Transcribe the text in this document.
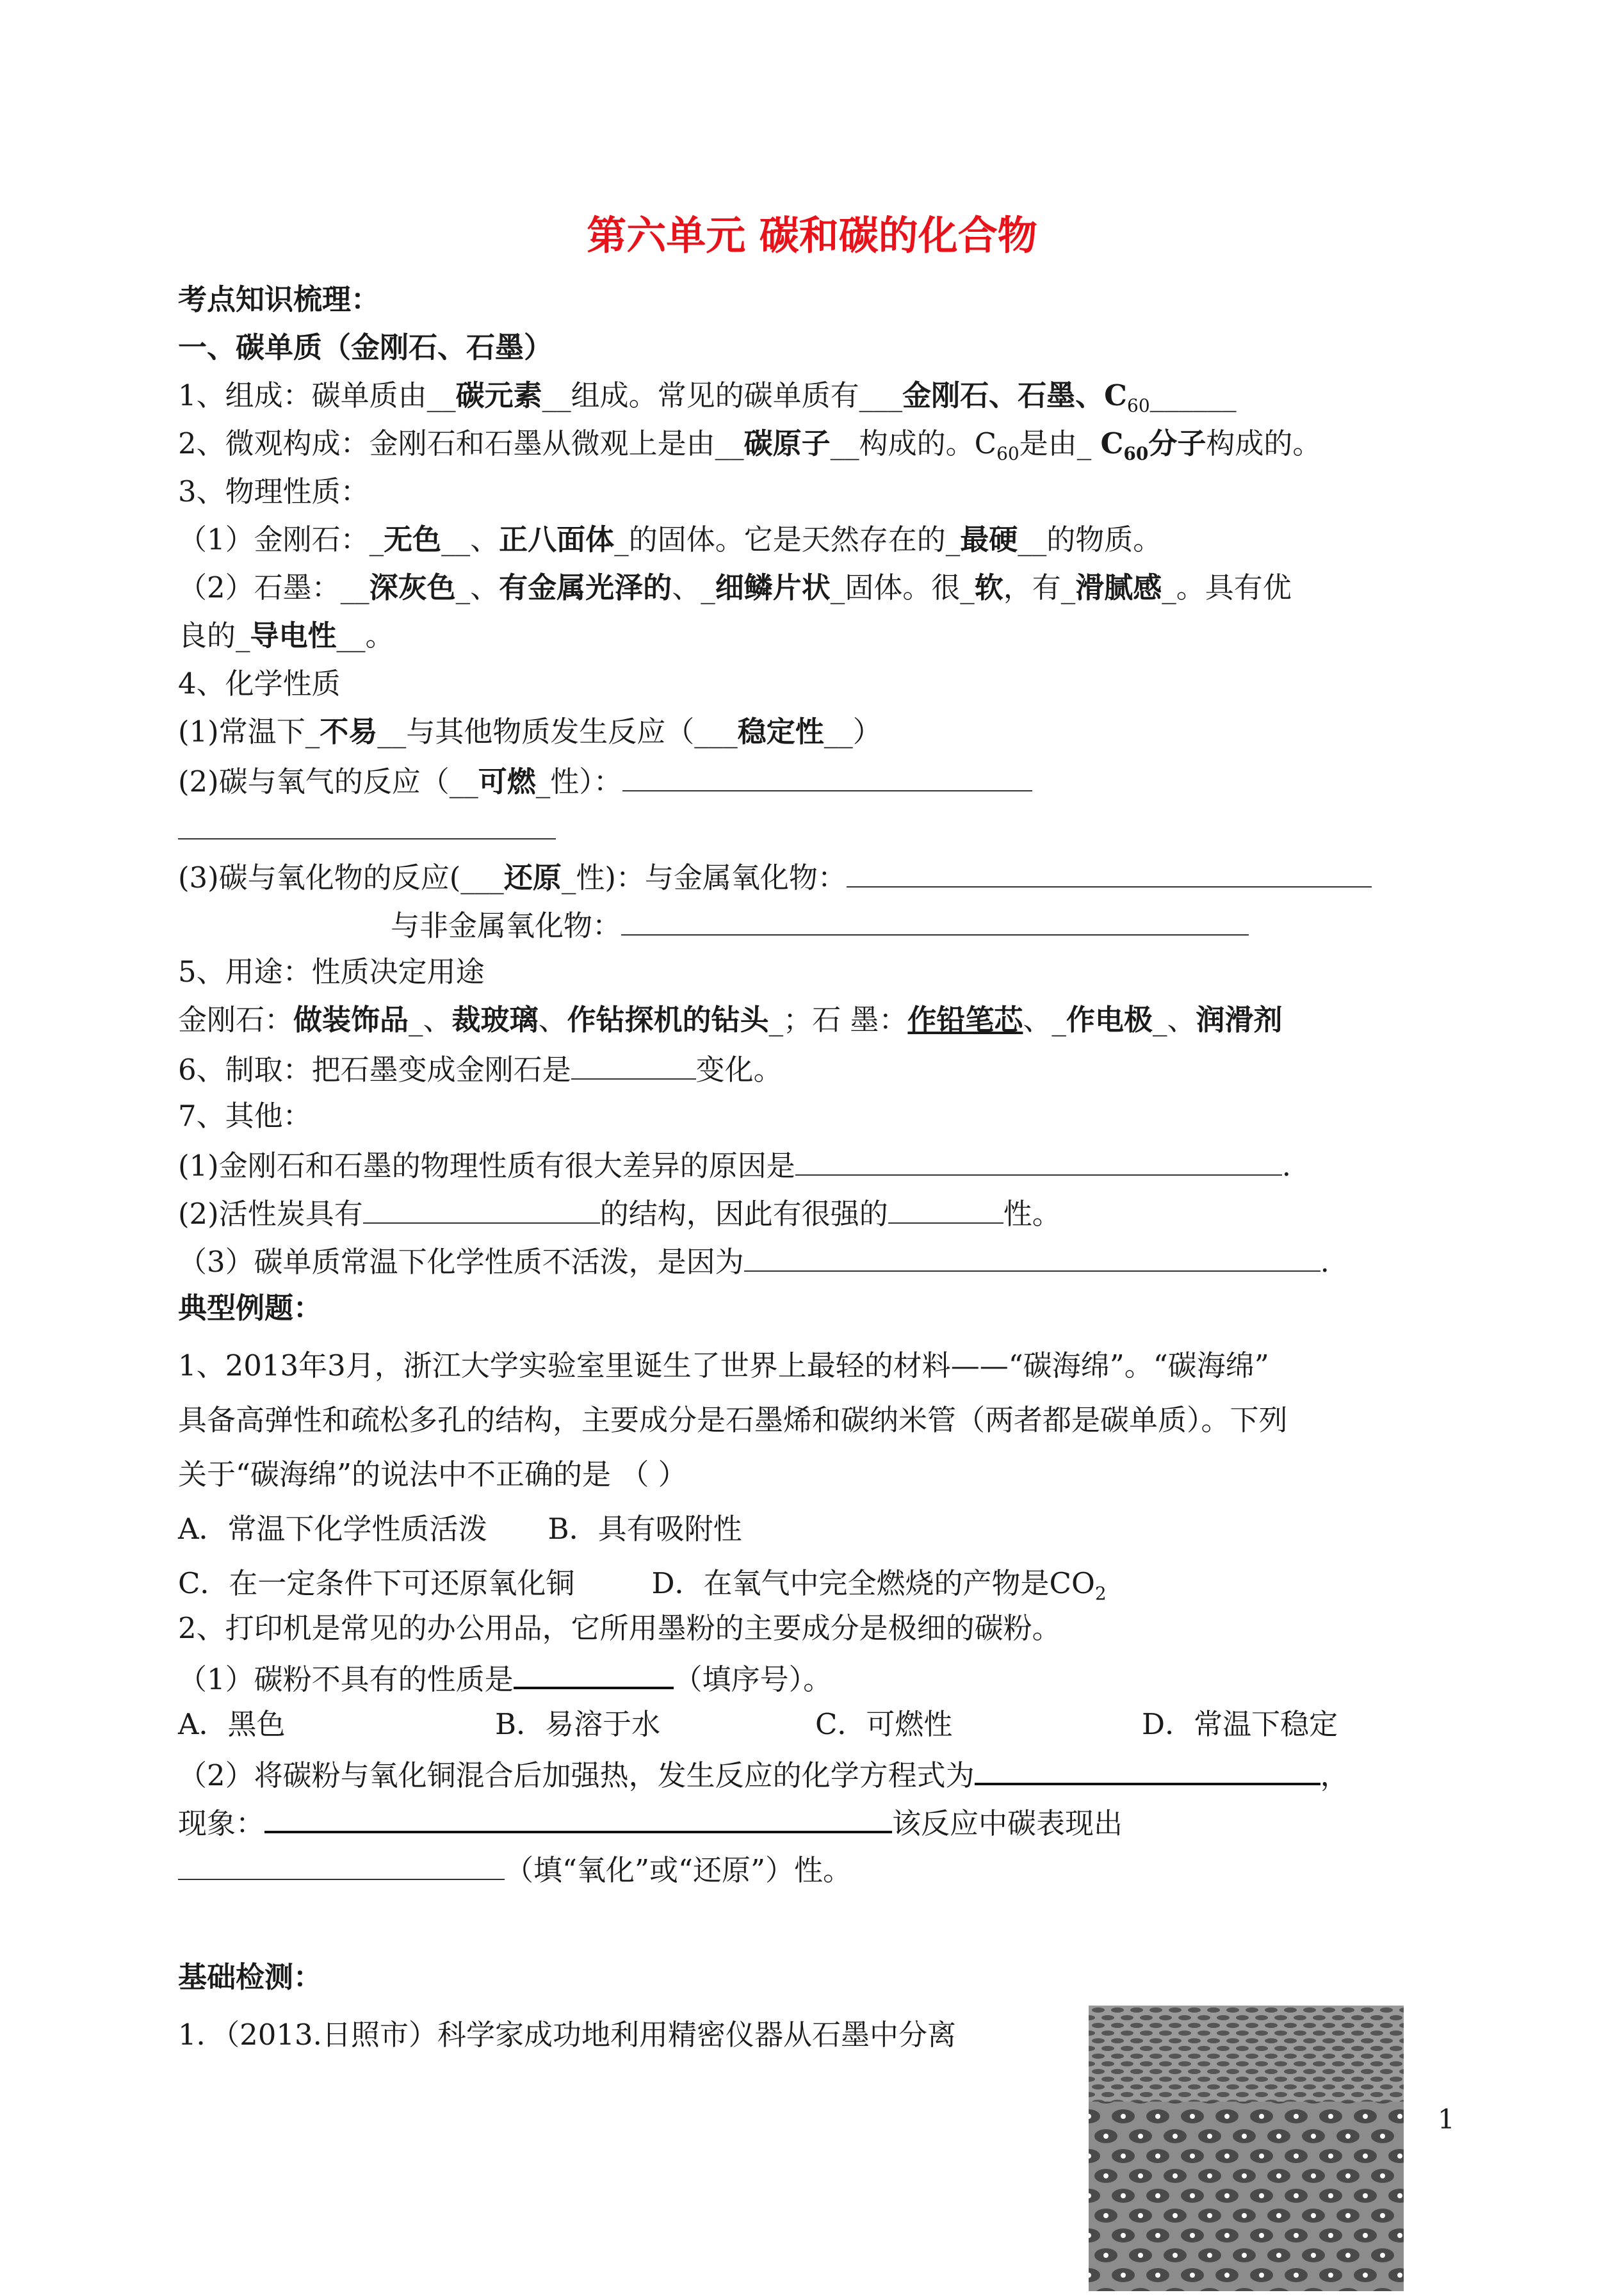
第六单元 碳和碳的化合物
考点知识梳理：
一、碳单质（金刚石、石墨）
1、组成：碳单质由__碳元素__组成。常见的碳单质有___金刚石、石墨、$C_{60}\_\_\_\_\_\_$
2、微观构成：金刚石和石墨从微观上是由__碳原子__构成的。$C_{60}$是由_ $C_{60}$分子构成的。
3、物理性质：
（1）金刚石：_无色__、正八面体_的固体。它是天然存在的_最硬__的物质。
（2）石墨：__深灰色_、有金属光泽的、_细鳞片状_固体。很_软，有_滑腻感_。具有优
良的_导电性__。
4、化学性质
(1)常温下_不易__与其他物质发生反应（___稳定性__）
(2)碳与氧气的反应（__可燃_性）：
(3)碳与氧化物的反应(___还原_性)：与金属氧化物：
与非金属氧化物：
5、用途：性质决定用途
金刚石：做装饰品_、裁玻璃、作钻探机的钻头_；石 墨：作铅笔芯、_作电极_、润滑剂
6、制取：把石墨变成金刚石是	变化。
7、其他：
(1)金刚石和石墨的物理性质有很大差异的原因是	.
(2)活性炭具有	的结构，因此有很强的	性。
（3）碳单质常温下化学性质不活泼，是因为	.
典型例题：
1、2013年3月，浙江大学实验室里诞生了世界上最轻的材料——“碳海绵”。“碳海绵”
具备高弹性和疏松多孔的结构，主要成分是石墨烯和碳纳米管（两者都是碳单质）。下列
关于“碳海绵”的说法中不正确的是 （ ）
A．常温下化学性质活泼 B．具有吸附性
C．在一定条件下可还原氧化铜	D．在氧气中完全燃烧的产物是$CO_2$
2、打印机是常见的办公用品，它所用墨粉的主要成分是极细的碳粉。
（1）碳粉不具有的性质是	（填序号）。
A．黑色	B．易溶于水	C．可燃性	D．常温下稳定
（2）将碳粉与氧化铜混合后加强热，发生反应的化学方程式为	，
现象：	该反应中碳表现出
（填“氧化”或“还原”）性。
基础检测：
1．（2013.日照市）科学家成功地利用精密仪器从石墨中分离
1
